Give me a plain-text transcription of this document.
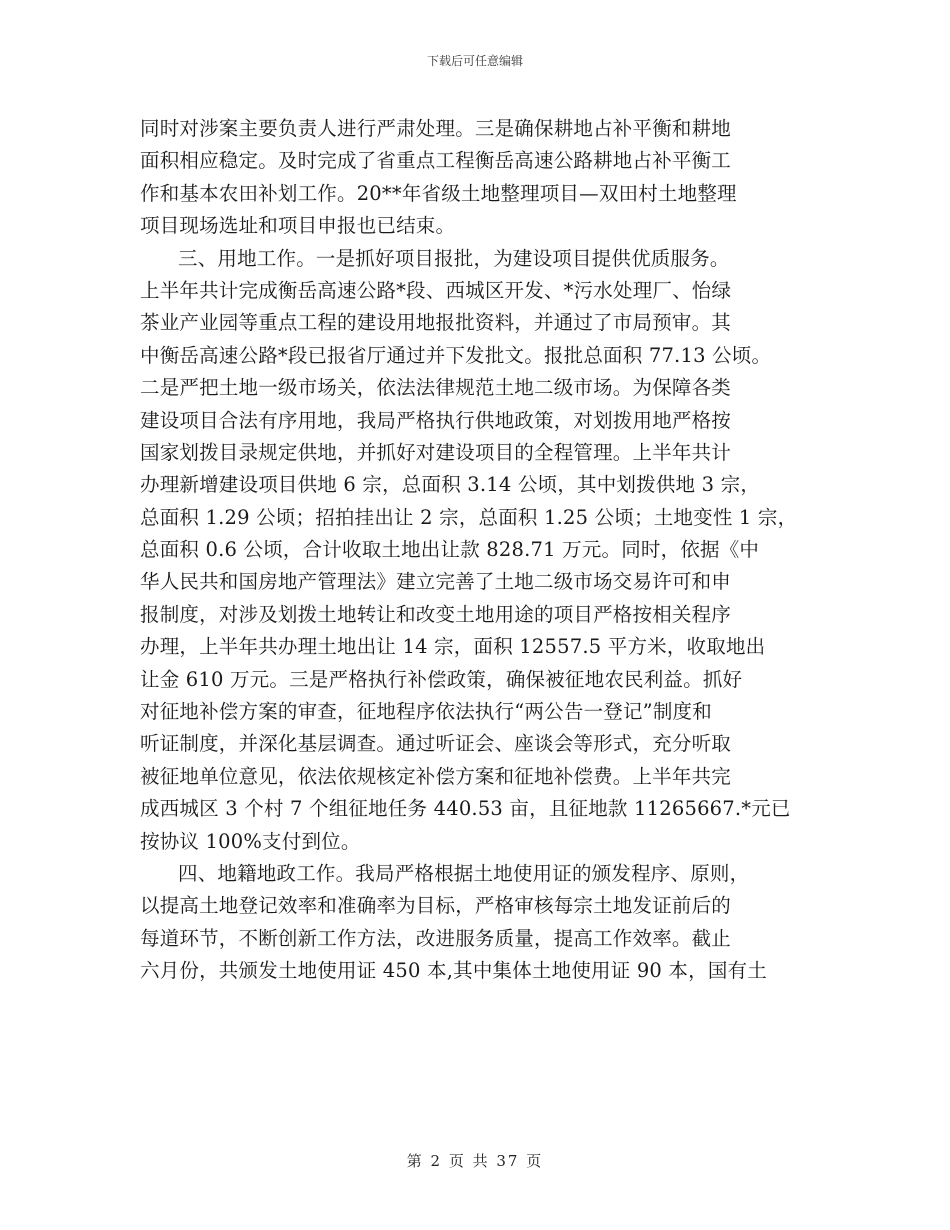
下载后可任意编辑
同时对涉案主要负责人进行严肃处理。三是确保耕地占补平衡和耕地
面积相应稳定。及时完成了省重点工程衡岳高速公路耕地占补平衡工
作和基本农田补划工作。20**年省级土地整理项目—双田村土地整理
项目现场选址和项目申报也已结束。
三、用地工作。一是抓好项目报批，为建设项目提供优质服务。
上半年共计完成衡岳高速公路*段、西城区开发、*污水处理厂、怡绿
茶业产业园等重点工程的建设用地报批资料，并通过了市局预审。其
中衡岳高速公路*段已报省厅通过并下发批文。报批总面积 77.13 公顷。
二是严把土地一级市场关，依法法律规范土地二级市场。为保障各类
建设项目合法有序用地，我局严格执行供地政策，对划拨用地严格按
国家划拨目录规定供地，并抓好对建设项目的全程管理。上半年共计
办理新增建设项目供地 6 宗，总面积 3.14 公顷，其中划拨供地 3 宗，
总面积 1.29 公顷；招拍挂出让 2 宗，总面积 1.25 公顷；土地变性 1 宗，
总面积 0.6 公顷，合计收取土地出让款 828.71 万元。同时，依据《中
华人民共和国房地产管理法》建立完善了土地二级市场交易许可和申
报制度，对涉及划拨土地转让和改变土地用途的项目严格按相关程序
办理，上半年共办理土地出让 14 宗，面积 12557.5 平方米，收取地出
让金 610 万元。三是严格执行补偿政策，确保被征地农民利益。抓好
对征地补偿方案的审查，征地程序依法执行“两公告一登记”制度和
听证制度，并深化基层调查。通过听证会、座谈会等形式，充分听取
被征地单位意见，依法依规核定补偿方案和征地补偿费。上半年共完
成西城区 3 个村 7 个组征地任务 440.53 亩，且征地款 11265667.*元已
按协议 100%支付到位。
四、地籍地政工作。我局严格根据土地使用证的颁发程序、原则，
以提高土地登记效率和准确率为目标，严格审核每宗土地发证前后的
每道环节，不断创新工作方法，改进服务质量，提高工作效率。截止
六月份，共颁发土地使用证 450 本,其中集体土地使用证 90 本，国有土
第 2 页 共 37 页
